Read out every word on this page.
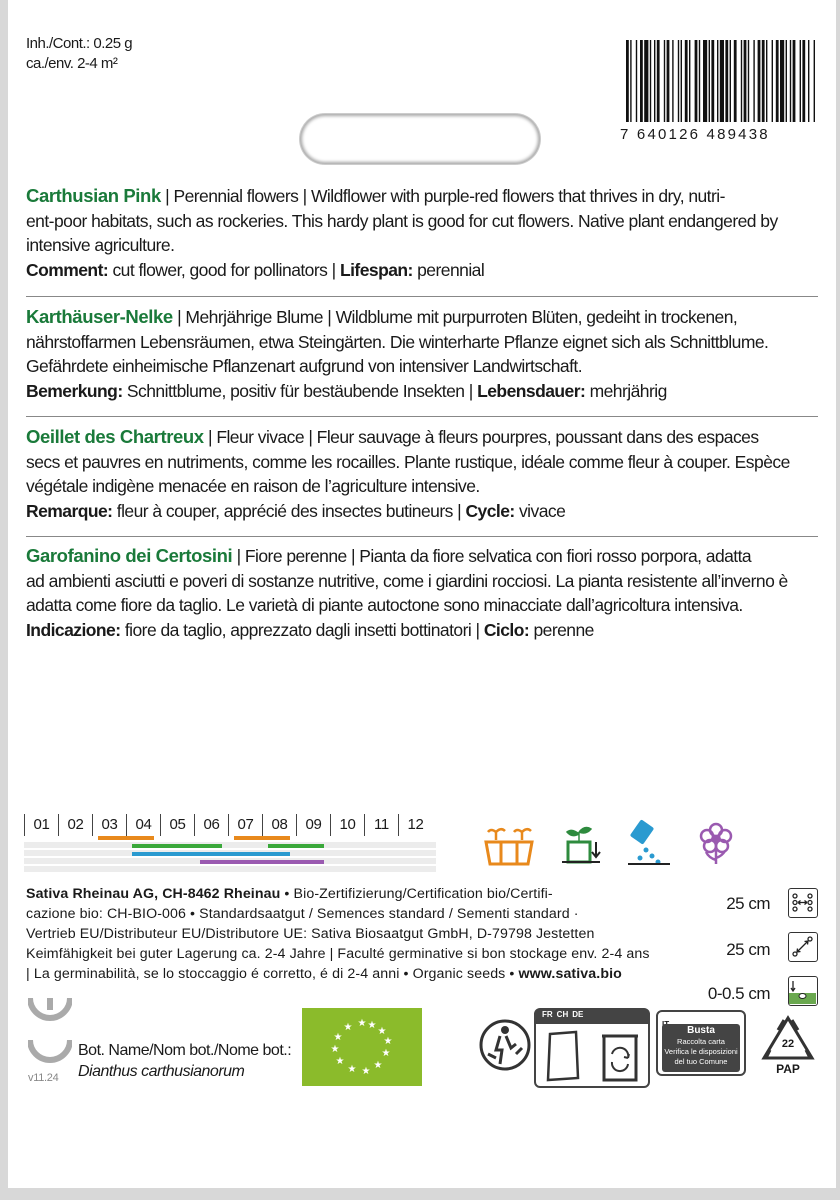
Inh./Cont.: 0.25 g
ca./env. 2-4 m²
7 640126 489438
Carthusian Pink | Perennial flowers | Wildflower with purple-red flowers that thrives in dry, nutri-
ent-poor habitats, such as rockeries. This hardy plant is good for cut flowers. Native plant endangered by
intensive agriculture.
Comment: cut flower, good for pollinators | Lifespan: perennial
Karthäuser-Nelke | Mehrjährige Blume | Wildblume mit purpurroten Blüten, gedeiht in trockenen,
nährstoffarmen Lebensräumen, etwa Steingärten. Die winterharte Pflanze eignet sich als Schnittblume.
Gefährdete einheimische Pflanzenart aufgrund von intensiver Landwirtschaft.
Bemerkung: Schnittblume, positiv für bestäubende Insekten | Lebensdauer: mehrjährig
Oeillet des Chartreux | Fleur vivace | Fleur sauvage à fleurs pourpres, poussant dans des espaces
secs et pauvres en nutriments, comme les rocailles. Plante rustique, idéale comme fleur à couper. Espèce
végétale indigène menacée en raison de l’agriculture intensive.
Remarque: fleur à couper, apprécié des insectes butineurs | Cycle: vivace
Garofanino dei Certosini | Fiore perenne | Pianta da fiore selvatica con fiori rosso porpora, adatta
ad ambienti asciutti e poveri di sostanze nutritive, come i giardini rocciosi. La pianta resistente all’inverno è
adatta come fiore da taglio. Le varietà di piante autoctone sono minacciate dall’agricoltura intensiva.
Indicazione: fiore da taglio, apprezzato dagli insetti bottinatori | Ciclo: perenne
01	02	03	04	05	06	07	08	09	10	11	12
Sativa Rheinau AG, CH-8462 Rheinau • Bio-Zertifizierung/Certification bio/Certifi-
cazione bio: CH-BIO-006 • Standardsaatgut / Semences standard / Sementi standard ·
Vertrieb EU/Distributeur EU/Distributore UE: Sativa Biosaatgut GmbH, D-79798 Jestetten
Keimfähigkeit bei guter Lagerung ca. 2-4 Jahre | Faculté germinative si bon stockage env. 2-4 ans
| La germinabilità, se lo stoccaggio é corretto, é di 2-4 anni • Organic seeds • www.sativa.bio
25 cm
25 cm
0-0.5 cm
v11.24
Bot. Name/Nom bot./Nome bot.:
Dianthus carthusianorum
★
★
★
★
★
★ ★
★
★
★
★
★
FR CH DE
Busta
Raccolta carta
Verifica le disposizioni
del tuo Comune
22
PAP
